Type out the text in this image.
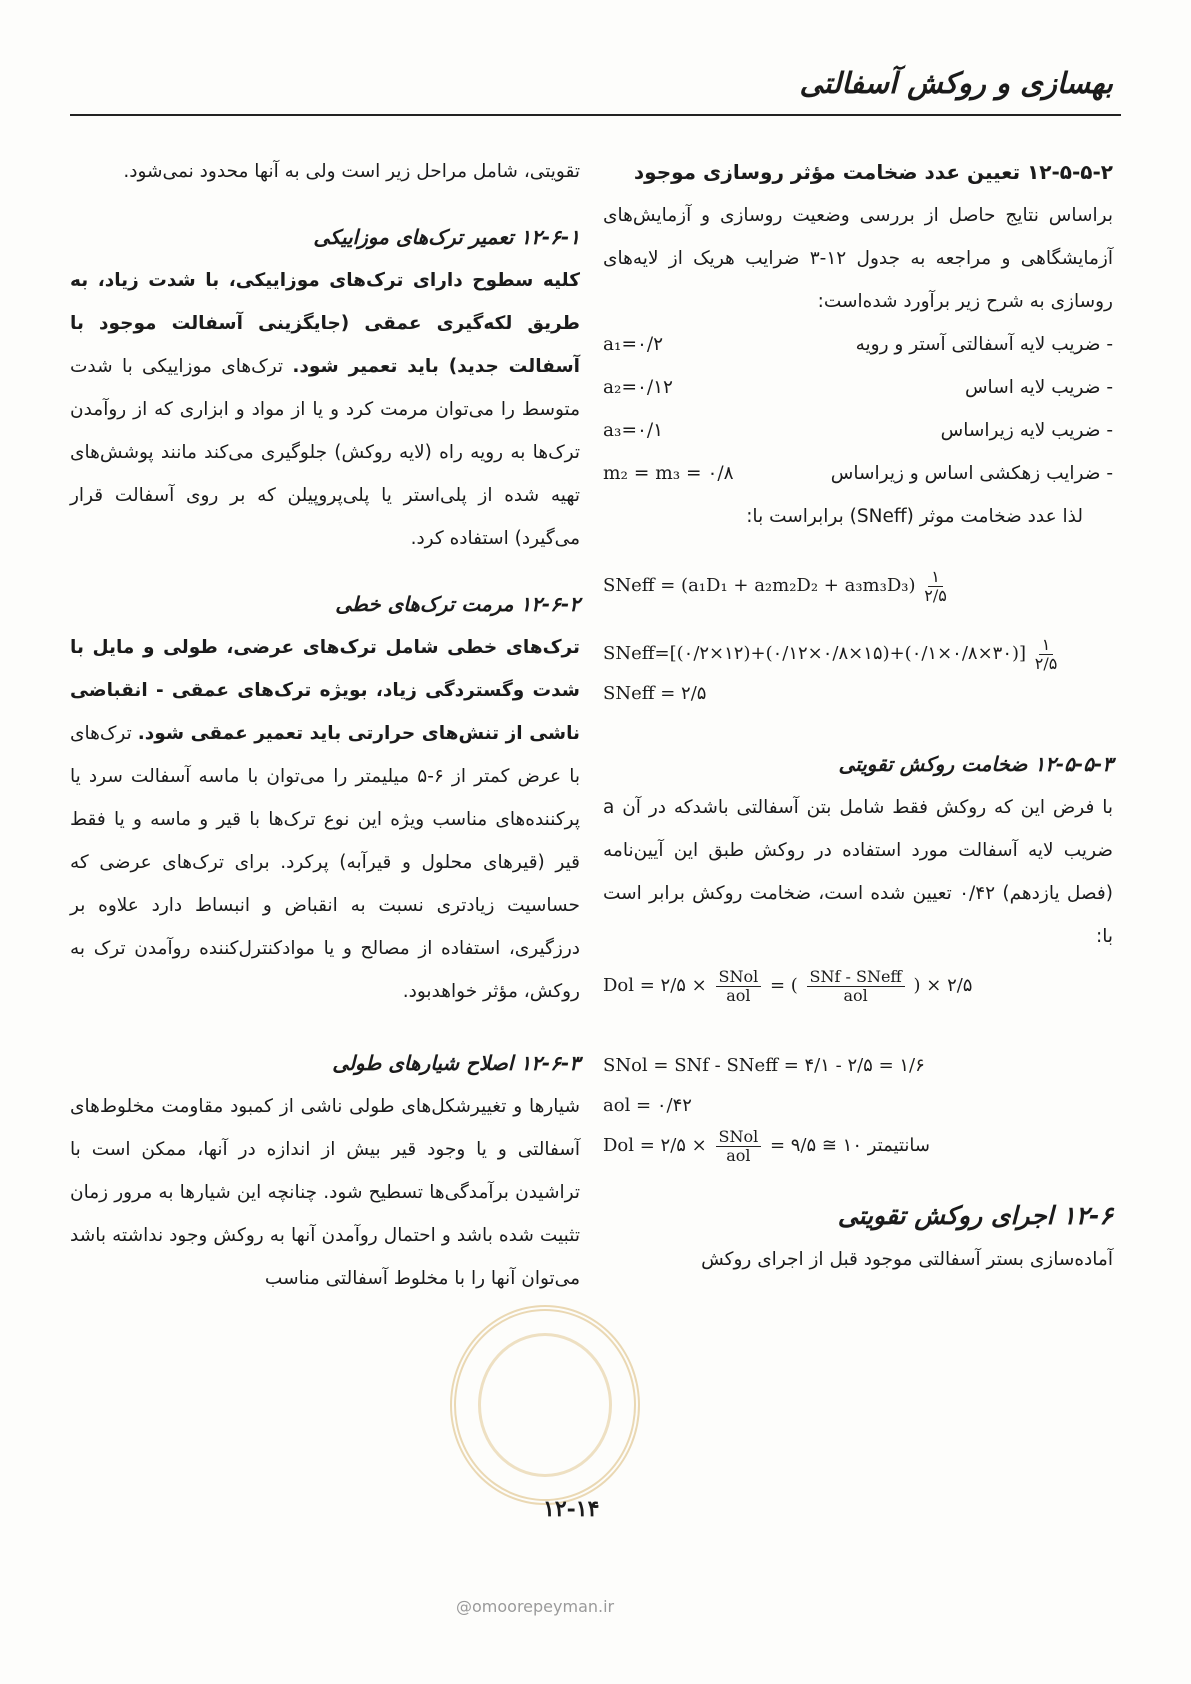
بهسازی و روکش آسفالتی

۱۲-۵-۵-۲ تعیین عدد ضخامت مؤثر روسازی موجود

براساس نتایج حاصل از بررسی وضعیت روسازی و آزمایش‌های آزمایشگاهی و مراجعه به جدول ۱۲-۳ ضرایب هریک از لایه‌های روسازی به شرح زیر برآورد شده‌است:

- ضریب لایه آسفالتی آستر و رویه
a₁=۰/۲
- ضریب لایه اساس
a₂=۰/۱۲
- ضریب لایه زیراساس
a₃=۰/۱
- ضرایب زهکشی اساس و زیراساس
m₂ = m₃ = ۰/۸

لذا عدد ضخامت موثر (SNeff) برابراست با:

SNeff = $(a_1D_1 + a_2m_2D_2 + a_3m_3D_3) \frac{۱}{۲/۵}$
SNeff=[(۰/۲×۱۲)+(۰/۱۲×۰/۸×۱۵)+(۰/۱×۰/۸×۳۰)] $\frac{۱}{۲/۵}$
SNeff = ۲/۵

۱۲-۵-۵-۳ ضخامت روکش تقویتی

با فرض این که روکش فقط شامل بتن آسفالتی باشدکه در آن a ضریب لایه آسفالت مورد استفاده در روکش طبق این آیین‌نامه (فصل یازدهم) ۰/۴۲ تعیین شده است، ضخامت روکش برابر است با:

Dol = ۲/۵ × $\frac{\text{SNol}}{\text{aol}}$ = ( $\frac{\text{SNf - SNeff}}{\text{aol}}$ ) × ۲/۵
SNol = SNf - SNeff = ۴/۱ - ۲/۵ = ۱/۶
aol = ۰/۴۲
Dol = ۲/۵ × $\frac{\text{SNol}}{\text{aol}}$ = ۹/۵ ≅ ۱۰ سانتیمتر

۱۲-۶ اجرای روکش تقویتی

آماده‌سازی بستر آسفالتی موجود قبل از اجرای روکش

تقویتی، شامل مراحل زیر است ولی به آنها محدود نمی‌شود.

۱۲-۶-۱ تعمیر ترک‌های موزاییکی

کلیه سطوح دارای ترک‌های موزاییکی، با شدت زیاد، به طریق لکه‌گیری عمقی (جایگزینی آسفالت موجود با آسفالت جدید) باید تعمیر شود. ترک‌های موزاییکی با شدت متوسط را می‌توان مرمت کرد و یا از مواد و ابزاری که از روآمدن ترک‌ها به رویه راه (لایه روکش) جلوگیری می‌کند مانند پوشش‌های تهیه شده از پلی‌استر یا پلی‌پروپیلن که بر روی آسفالت قرار می‌گیرد) استفاده کرد.

۱۲-۶-۲ مرمت ترک‌های خطی

ترک‌های خطی شامل ترک‌های عرضی، طولی و مایل با شدت وگستردگی زیاد، بویژه ترک‌های عمقی - انقباضی ناشی از تنش‌های حرارتی باید تعمیر عمقی شود. ترک‌های با عرض کمتر از ۶-۵ میلیمتر را می‌توان با ماسه آسفالت سرد یا پرکننده‌های مناسب ویژه این نوع ترک‌ها با قیر و ماسه و یا فقط قیر (قیرهای محلول و قیرآبه) پرکرد. برای ترک‌های عرضی که حساسیت زیادتری نسبت به انقباض و انبساط دارد علاوه بر درزگیری، استفاده از مصالح و یا موادکنترل‌کننده روآمدن ترک به روکش، مؤثر خواهدبود.

۱۲-۶-۳ اصلاح شیارهای طولی

شیارها و تغییرشکل‌های طولی ناشی از کمبود مقاومت مخلوط‌های آسفالتی و یا وجود قیر بیش از اندازه در آنها، ممکن است با تراشیدن برآمدگی‌ها تسطیح شود. چنانچه این شیارها به مرور زمان تثبیت شده باشد و احتمال روآمدن آنها به روکش وجود نداشته باشد می‌توان آنها را با مخلوط آسفالتی مناسب

۱۲-۱۴
@omoorepeyman.ir
